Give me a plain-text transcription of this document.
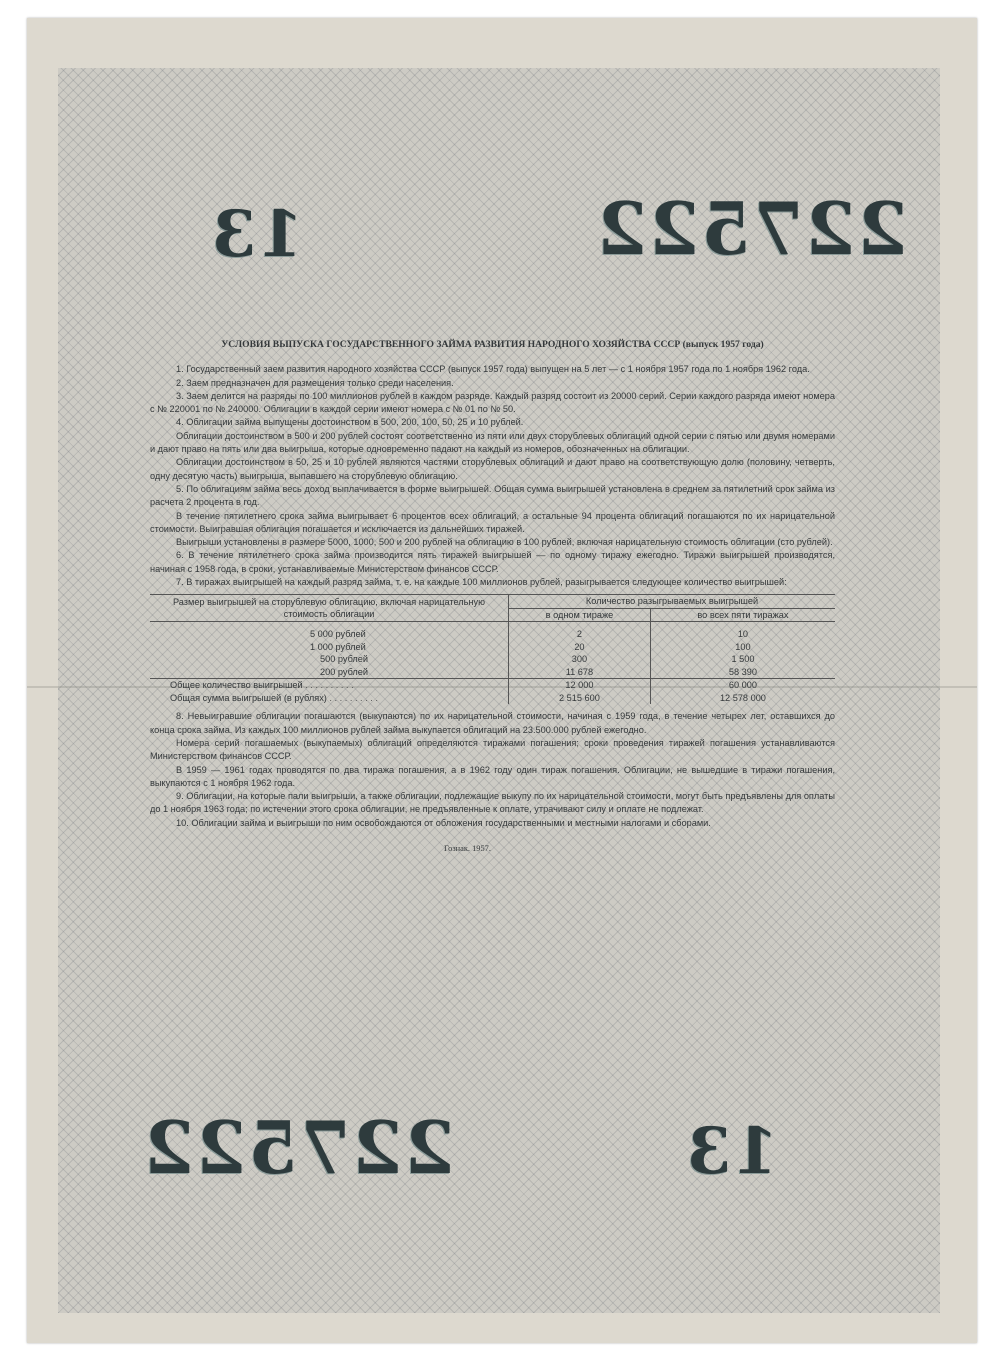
227522
13
227522	13
УСЛОВИЯ ВЫПУСКА ГОСУДАРСТВЕННОГО ЗАЙМА РАЗВИТИЯ НАРОДНОГО ХОЗЯЙСТВА СССР (выпуск 1957 года)

1. Государственный заем развития народного хозяйства СССР (выпуск 1957 года) выпущен на 5 лет — с 1 ноября 1957 года по 1 ноября 1962 года.

2. Заем предназначен для размещения только среди населения.

3. Заем делится на разряды по 100 миллионов рублей в каждом разряде. Каждый разряд состоит из 20000 серий. Серии каждого разряда имеют номера с № 220001 по № 240000. Облигации в каждой серии имеют номера с № 01 по № 50.

4. Облигации займа выпущены достоинством в 500, 200, 100, 50, 25 и 10 рублей.

Облигации достоинством в 500 и 200 рублей состоят соответственно из пяти или двух сторублевых облигаций одной серии с пятью или двумя номерами и дают право на пять или два выигрыша, которые одновременно падают на каждый из номеров, обозначенных на облигации.

Облигации достоинством в 50, 25 и 10 рублей являются частями сторублевых облигаций и дают право на соответствующую долю (половину, четверть, одну десятую часть) выигрыша, выпавшего на сторублевую облигацию.

5. По облигациям займа весь доход выплачивается в форме выигрышей. Общая сумма выигрышей установлена в среднем за пятилетний срок займа из расчета 2 процента в год.

В течение пятилетнего срока займа выигрывает 6 процентов всех облигаций, а остальные 94 процента облигаций погашаются по их нарицательной стоимости. Выигравшая облигация погашается и исключается из дальнейших тиражей.

Выигрыши установлены в размере 5000, 1000, 500 и 200 рублей на облигацию в 100 рублей, включая нарицательную стоимость облигации (сто рублей).

6. В течение пятилетнего срока займа производится пять тиражей выигрышей — по одному тиражу ежегодно. Тиражи выигрышей производятся, начиная с 1958 года, в сроки, устанавливаемые Министерством финансов СССР.

7. В тиражах выигрышей на каждый разряд займа, т. е. на каждые 100 миллионов рублей, разыгрывается следующее количество выигрышей:

Размер выигрышей на сторублевую облигацию, включая нарицательную стоимость облигации	Количество разыгрываемых выигрышей	
	в одном тираже	во всех пяти тиражах

5 000 рублей	2	10
1 000 рублей	20	100
500 рублей	300	1 500
200 рублей	11 678	58 390
Общее количество выигрышей . . . . . . . . . .	12 000	60 000
Общая сумма выигрышей (в рублях) . . . . . . . . . .	2 515 600	12 578 000

8. Невыигравшие облигации погашаются (выкупаются) по их нарицательной стоимости, начиная с 1959 года, в течение четырех лет, оставшихся до конца срока займа. Из каждых 100 миллионов рублей займа выкупается облигаций на 23.500.000 рублей ежегодно.

Номера серий погашаемых (выкупаемых) облигаций определяются тиражами погашения; сроки проведения тиражей погашения устанавливаются Министерством финансов СССР.

В 1959 — 1961 годах проводятся по два тиража погашения, а в 1962 году один тираж погашения. Облигации, не вышедшие в тиражи погашения, выкупаются с 1 ноября 1962 года.

9. Облигации, на которые пали выигрыши, а также облигации, подлежащие выкупу по их нарицательной стоимости, могут быть предъявлены для оплаты до 1 ноября 1963 года; по истечении этого срока облигации, не предъявленные к оплате, утрачивают силу и оплате не подлежат.

10. Облигации займа и выигрыши по ним освобождаются от обложения государственными и местными налогами и сборами.

Гознак. 1957.
